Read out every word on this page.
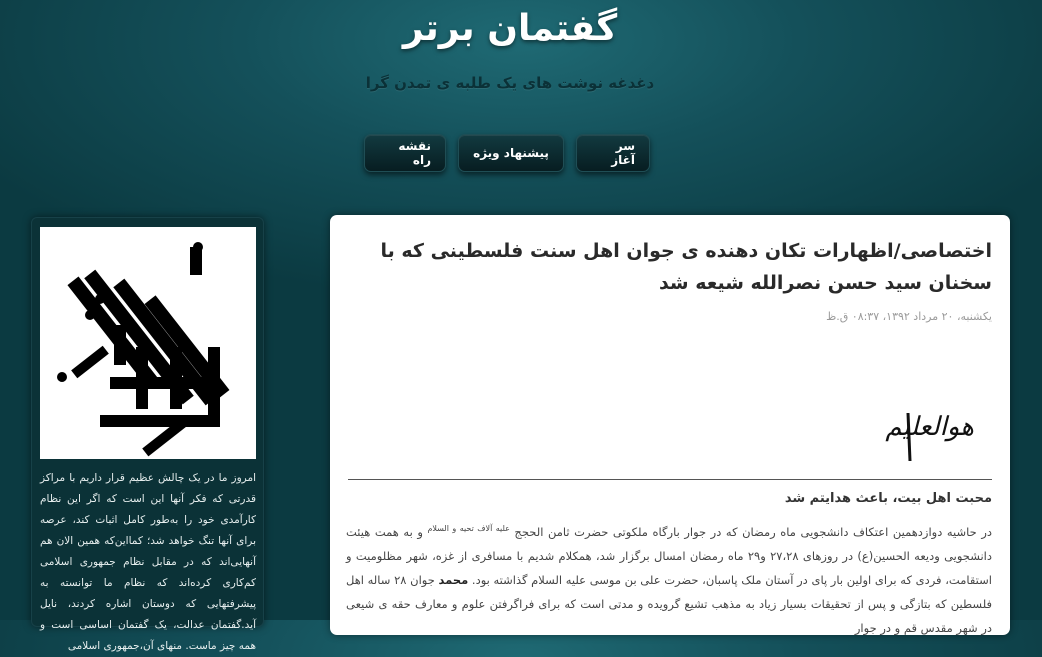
گفتمان برتر
دغدغه نوشت های یک طلبه ی تمدن گرا
سر آغاز
پیشنهاد ویژه
نقشه راه
امروز ما در یک چالش عظیم قرار داریم با مراکز قدرتی که فکر آنها این است که اگر این نظام کارآمدی خود را به‌طور کامل اثبات کند، عرصه برای آنها تنگ خواهد شد؛ کمااین‌که همین الان هم آنهایی‌اند که در مقابل نظام جمهوری اسلامی کم‌کاری کرده‌اند که نظام ما توانسته به پیشرفتهایی که دوستان اشاره کردند، نایل آید.گفتمان عدالت، یک گفتمان اساسی است و همه چیز ماست. منهای آن،جمهوری اسلامی
اختصاصی/اظهارات تکان دهنده ی جوان اهل سنت فلسطینی که با سخنان سید حسن نصرالله شیعه شد
یکشنبه، ۲۰ مرداد ۱۳۹۲، ۰۸:۳۷ ق.ظ
هوالعلیم
محبت اهل بیت، باعث هدایتم شد
در حاشیه دوازدهمین اعتکاف دانشجویی ماه رمضان که در جوار بارگاه ملکوتی حضرت ثامن الحجج $^{علیه آلاف تحیه و السلام}$ و به همت هیئت دانشجویی ودیعه الحسین(ع) در روزهای ۲۷،۲۸ و۲۹ ماه رمضان امسال برگزار شد، همکلام شدیم با مسافری از غزه، شهر مظلومیت و استقامت، فردی که برای اولین بار پای در آستان ملک پاسبان، حضرت علی بن موسی علیه السلام گذاشته بود. محمد جوان ۲۸ ساله اهل فلسطین که بتازگی و پس از تحقیقات بسیار زیاد به مذهب تشیع گرویده و مدتی است که برای فراگرفتن علوم و معارف حقه ی شیعی در شهر مقدس قم و در جوار
